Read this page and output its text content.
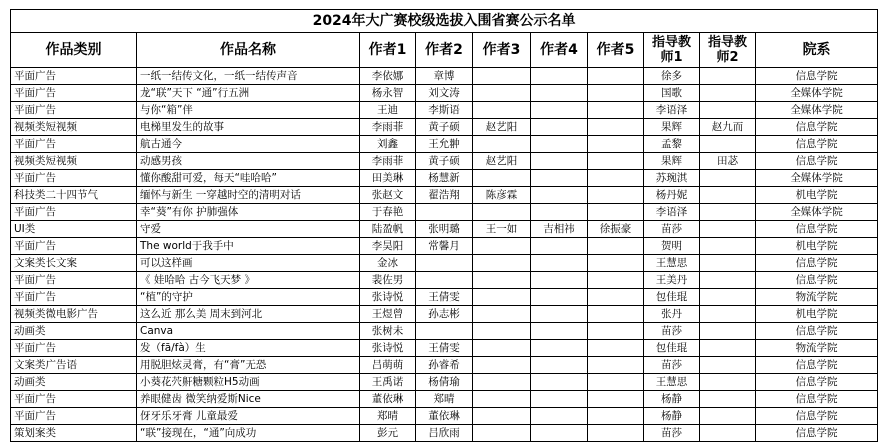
2024年大广赛校级选拔入围省赛公示名单									
作品类别	作品名称	作者1	作者2	作者3	作者4	作者5	指导教师1	指导教师2	院系
平面广告	一纸一结传文化，一纸一结传声音	李依娜	章博				徐多		信息学院
平面广告	龙“联”天下 “通”行五洲	杨永智	刘文涛				国歌		全媒体学院
平面广告	与你“箱”伴	王迪	李斯语				李语泽		全媒体学院
视频类短视频	电梯里发生的故事	李雨菲	黄子硕	赵艺阳			果辉	赵九而	信息学院
平面广告	航古通今	刘鑫	王允翀				孟黎		信息学院
视频类短视频	动感男孩	李雨菲	黄子硕	赵艺阳			果辉	田苾	信息学院
平面广告	懂你酸甜可爱，每天“哇哈哈”	田美琳	杨慧新				苏琬淇		全媒体学院
科技类二十四节气	缅怀与新生 一穿越时空的清明对话	张赵文	翟浩翔	陈彦霖			杨丹妮		机电学院
平面广告	幸“葵”有你 护肺强体	于春艳					李语泽		全媒体学院
UI类	守爱	陆盈帆	张明璐	王一如	吉相祎	徐振豪	苗莎		信息学院
平面广告	The world于我手中	李昊阳	常馨月				贺明		机电学院
文案类长文案	可以这样画	金冰					王慧思		信息学院
平面广告	《 娃哈哈 古今飞天梦 》	裴佐男					王美丹		信息学院
平面广告	“植”的守护	张诗悦	王倩雯				包佳琨		物流学院
视频类微电影广告	这么近 那么美 周末到河北	王煜曾	孙志彬				张丹		机电学院
动画类	Canva	张树未					苗莎		信息学院
平面广告	发（fā/fà）生	张诗悦	王倩雯				包佳琨		物流学院
文案类广告语	用脱胆炫灵膏，有“膏”无恐	吕萌萌	孙睿希				苗莎		信息学院
动画类	小葵花茓鼾糖颗粒H5动画	王禹诺	杨倩瑜				王慧思		信息学院
平面广告	养眼健齿 微笑纳爱斯Nice	董依琳	郑晴				杨静		信息学院
平面广告	伢牙乐牙膏 儿童最爱	郑晴	董依琳				杨静		信息学院
策划案类	“联”接现在，“通”向成功	彭元	吕欣雨				苗莎		信息学院
